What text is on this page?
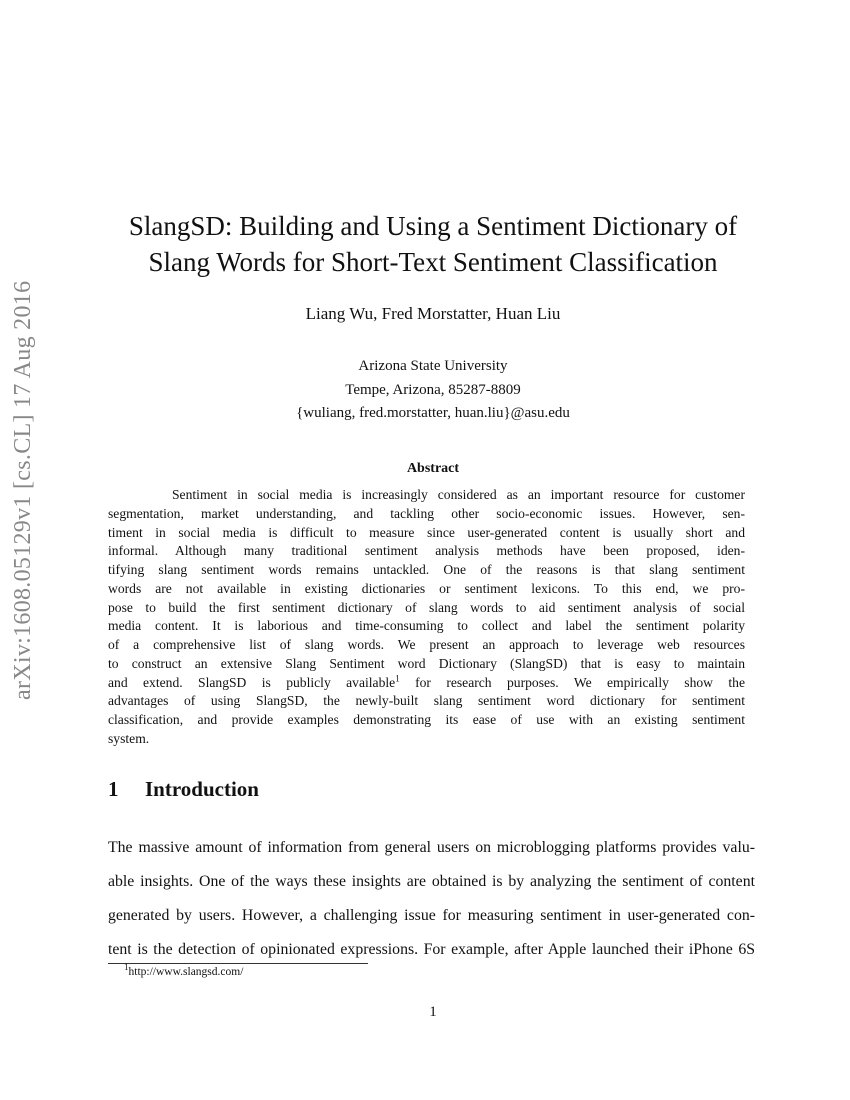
arXiv:1608.05129v1 [cs.CL] 17 Aug 2016
SlangSD: Building and Using a Sentiment Dictionary of
Slang Words for Short-Text Sentiment Classification
Liang Wu, Fred Morstatter, Huan Liu
Arizona State University
Tempe, Arizona, 85287-8809
{wuliang, fred.morstatter, huan.liu}@asu.edu
Abstract
Sentiment in social media is increasingly considered as an important resource for customer
segmentation, market understanding, and tackling other socio-economic issues. However, sen-
timent in social media is difficult to measure since user-generated content is usually short and
informal. Although many traditional sentiment analysis methods have been proposed, iden-
tifying slang sentiment words remains untackled. One of the reasons is that slang sentiment
words are not available in existing dictionaries or sentiment lexicons. To this end, we pro-
pose to build the first sentiment dictionary of slang words to aid sentiment analysis of social
media content. It is laborious and time-consuming to collect and label the sentiment polarity
of a comprehensive list of slang words. We present an approach to leverage web resources
to construct an extensive Slang Sentiment word Dictionary (SlangSD) that is easy to maintain
and extend. SlangSD is publicly available$^1$ for research purposes. We empirically show the
advantages of using SlangSD, the newly-built slang sentiment word dictionary for sentiment
classification, and provide examples demonstrating its ease of use with an existing sentiment
system.
1 Introduction
The massive amount of information from general users on microblogging platforms provides valu-
able insights. One of the ways these insights are obtained is by analyzing the sentiment of content
generated by users. However, a challenging issue for measuring sentiment in user-generated con-
tent is the detection of opinionated expressions. For example, after Apple launched their iPhone 6S
$^1$http://www.slangsd.com/
1
